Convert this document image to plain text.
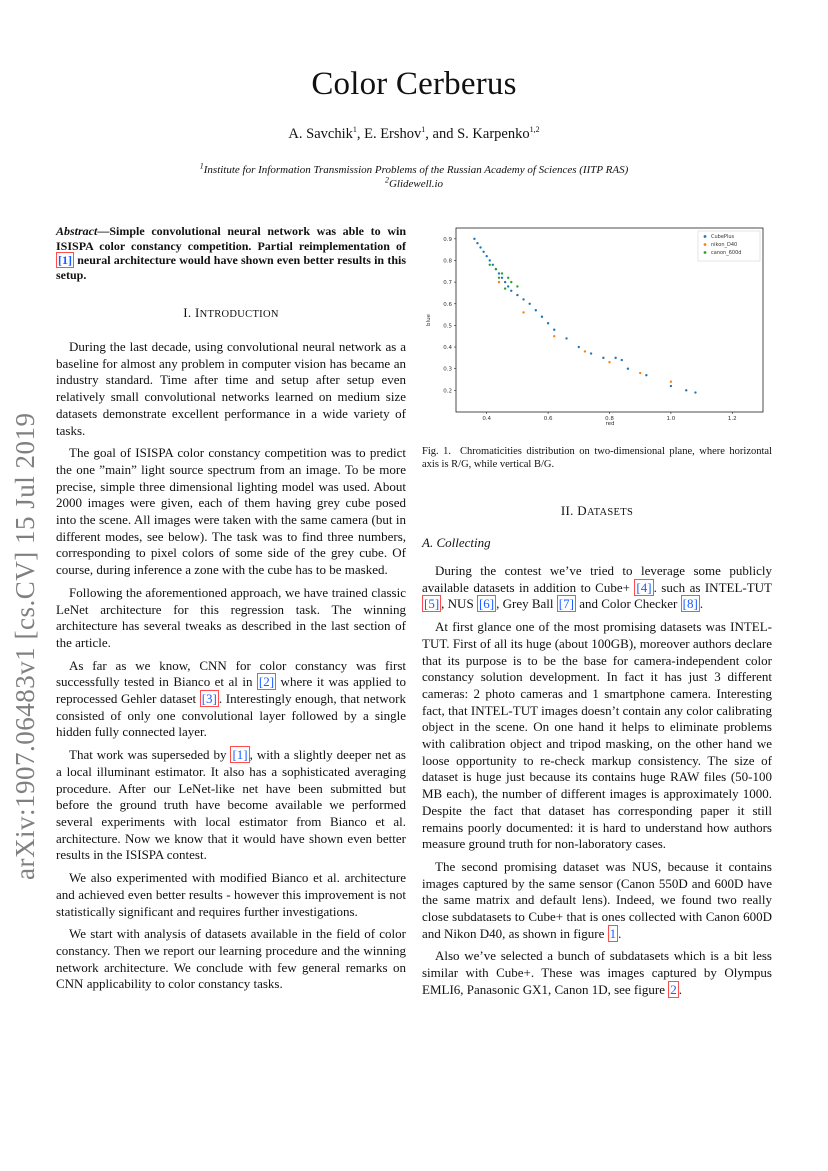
arXiv:1907.06483v1 [cs.CV] 15 Jul 2019
Color Cerberus
A. Savchik$^1$, E. Ershov$^1$, and S. Karpenko$^{1,2}$
$^1$Institute for Information Transmission Problems of the Russian Academy of Sciences (IITP RAS)
$^2$Glidewell.io
Abstract—Simple convolutional neural network was able to win ISISPA color constancy competition. Partial reimplementation of [1] neural architecture would have shown even better results in this setup.
I. INTRODUCTION

During the last decade, using convolutional neural network as a baseline for almost any problem in computer vision has became an industry standard. Time after time and setup after setup even relatively small convolutional networks learned on medium size datasets demonstrate excellent performance in a wide variety of tasks.

The goal of ISISPA color constancy competition was to predict the one ”main” light source spectrum from an image. To be more precise, simple three dimensional lighting model was used. About 2000 images were given, each of them having grey cube posed into the scene. All images were taken with the same camera (but in different modes, see below). The task was to find three numbers, corresponding to pixel colors of some side of the grey cube. Of course, during inference a zone with the cube has to be masked.

Following the aforementioned approach, we have trained classic LeNet architecture for this regression task. The winning architecture has several tweaks as described in the last section of the article.

As far as we know, CNN for color constancy was first successfully tested in Bianco et al in [2] where it was applied to reprocessed Gehler dataset [3] . Interestingly enough, that network consisted of only one convolutional layer followed by a single hidden fully connected layer.

That work was superseded by [1] , with a slightly deeper net as a local illuminant estimator. It also has a sophisticated averaging procedure. After our LeNet-like net have been submitted but before the ground truth have become available we performed several experiments with local estimator from Bianco et al. architecture. Now we know that it would have shown even better results in the ISISPA contest.

We also experimented with modified Bianco et al. architecture and achieved even better results - however this improvement is not statistically significant and requires further investigations.

We start with analysis of datasets available in the field of color constancy. Then we report our learning procedure and the winning network architecture. We conclude with few general remarks on CNN applicability to color constancy tasks.

0.9
0.8
0.7
0.6
0.5
0.4
0.3
0.2
0.4	0.6	0.8	1.0	1.2
red
blue
CubePlus
nikon_D40
canon_600d
Fig. 1. Chromaticities distribution on two-dimensional plane, where horizontal axis is R/G, while vertical B/G.
II. DATASETS
A. Collecting

During the contest we’ve tried to leverage some publicly available datasets in addition to Cube+ [4] . such as INTEL-TUT [5] , NUS [6] , Grey Ball [7] and Color Checker [8] .

At first glance one of the most promising datasets was INTEL-TUT. First of all its huge (about 100GB), moreover authors declare that its purpose is to be the base for camera-independent color constancy solution development. In fact it has just 3 different cameras: 2 photo cameras and 1 smartphone camera. Interesting fact, that INTEL-TUT images doesn’t contain any color calibrating object in the scene. On one hand it helps to eliminate problems with calibration object and tripod masking, on the other hand we loose opportunity to re-check markup consistency. The size of dataset is huge just because its contains huge RAW files (50-100 MB each), the number of different images is approximately 1000. Despite the fact that dataset has corresponding paper it still remains poorly documented: it is hard to understand how authors measure ground truth for non-laboratory cases.

The second promising dataset was NUS, because it contains images captured by the same sensor (Canon 550D and 600D have the same matrix and default lens). Indeed, we found two really close subdatasets to Cube+ that is ones collected with Canon 600D and Nikon D40, as shown in figure 1 .

Also we’ve selected a bunch of subdatasets which is a bit less similar with Cube+. These was images captured by Olympus EMLI6, Panasonic GX1, Canon 1D, see figure 2 .
